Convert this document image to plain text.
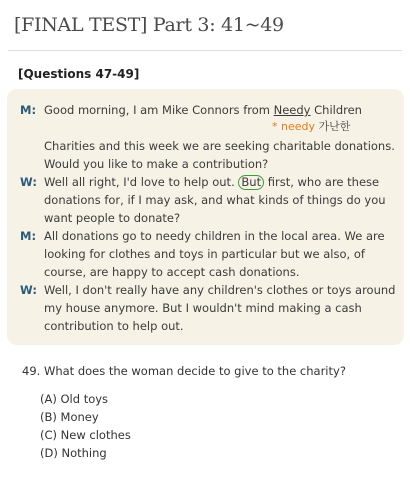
[FINAL TEST] Part 3: 41~49
[Questions 47-49]
M: Good morning, I am Mike Connors from Needy Children
* needy 가난한
Charities and this week we are seeking charitable donations.
Would you like to make a contribution?
W: Well all right, I'd love to help out. But first, who are these
donations for, if I may ask, and what kinds of things do you
want people to donate?
M: All donations go to needy children in the local area. We are
looking for clothes and toys in particular but we also, of
course, are happy to accept cash donations.
W: Well, I don't really have any children's clothes or toys around
my house anymore. But I wouldn't mind making a cash
contribution to help out.
49. What does the woman decide to give to the charity?
(A) Old toys
(B) Money
(C) New clothes
(D) Nothing
